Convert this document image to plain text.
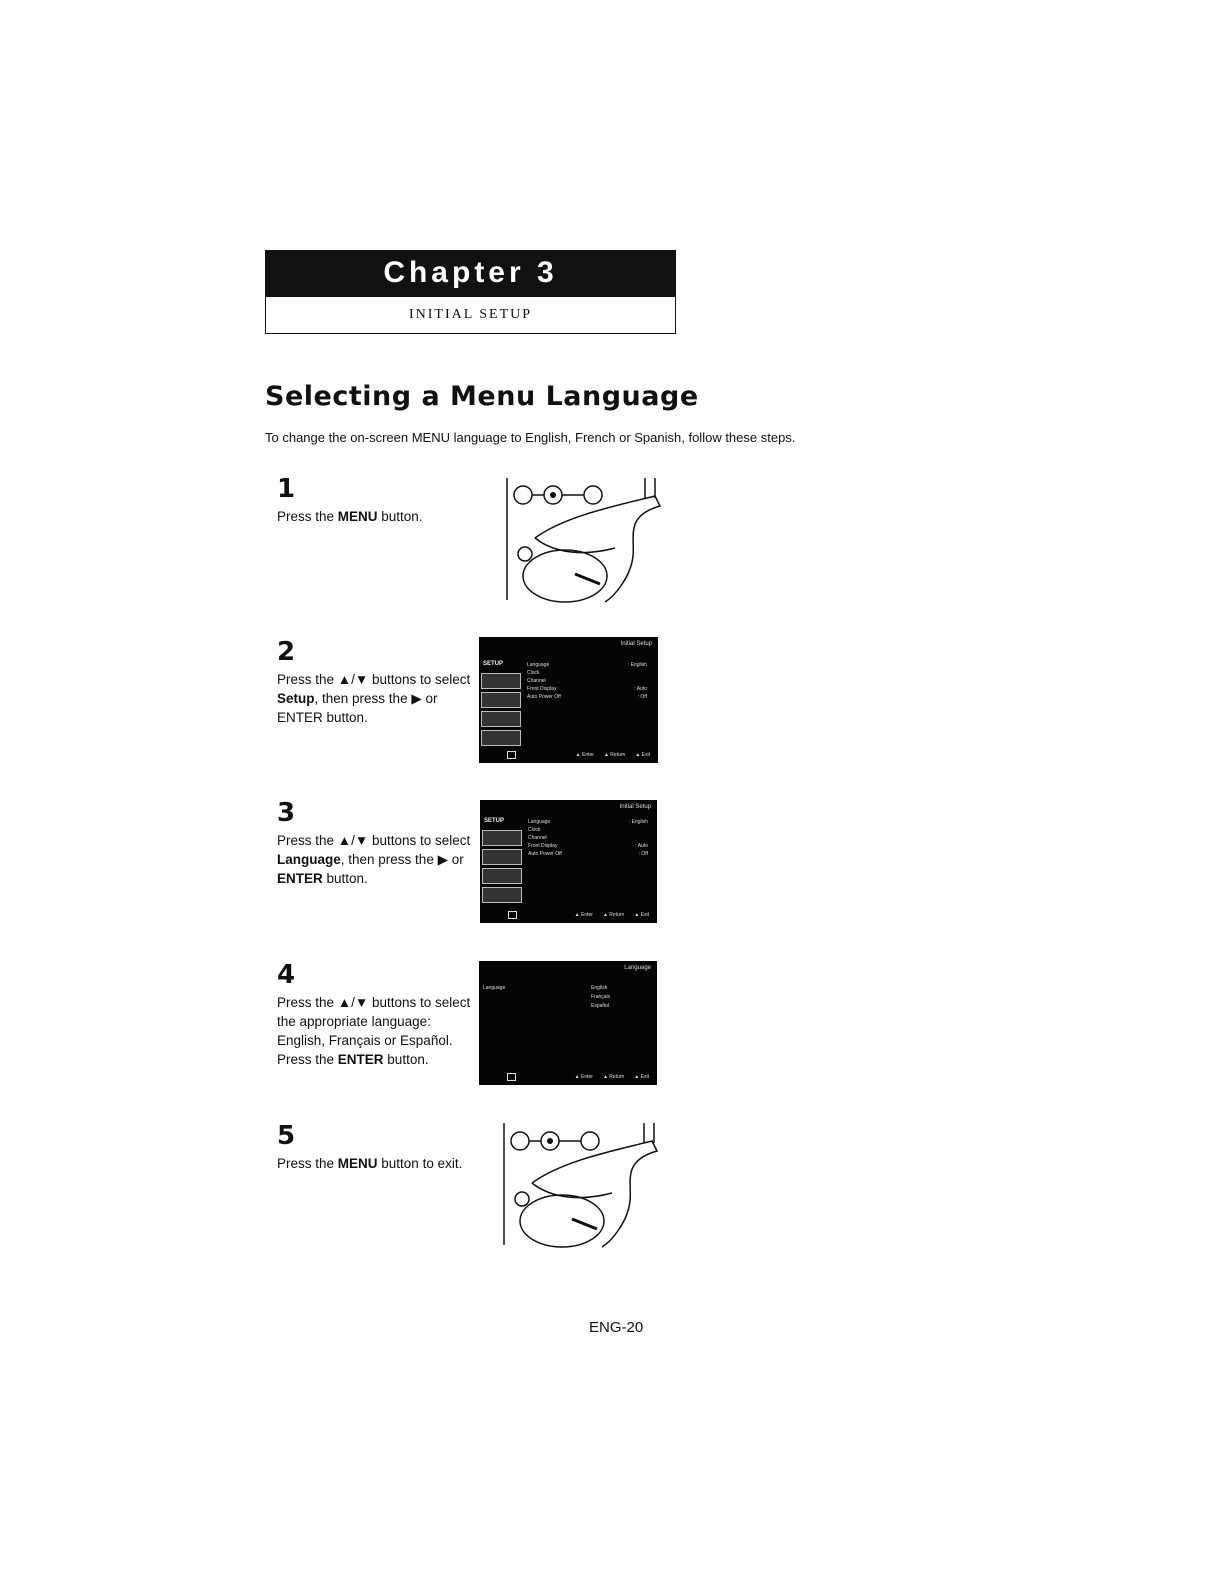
Chapter 3
INITIAL SETUP
Selecting a Menu Language
To change the on-screen MENU language to English, French or Spanish, follow these steps.
1
Press the MENU button.
2
Press the ▲/▼ buttons to select Setup, then press the ▶ or ENTER button.
Initial Setup
SETUP	Language	: English
Clock
Channel
Front Display	: Auto
Auto Power Off	: Off
▲ Enter ▲ Return ▲ Exit
3
Press the ▲/▼ buttons to select Language, then press the ▶ or ENTER button.
Initial Setup
SETUP	Language	: English
Clock
Channel
Front Display	: Auto
Auto Power Off	: Off
▲ Enter ▲ Return ▲ Exit
4
Press the ▲/▼ buttons to select the appropriate language: English, Français or Español.
Press the ENTER button.
Language
Language	English
Français
Español
▲ Enter ▲ Return ▲ Exit
5
Press the MENU button to exit.
ENG-20
